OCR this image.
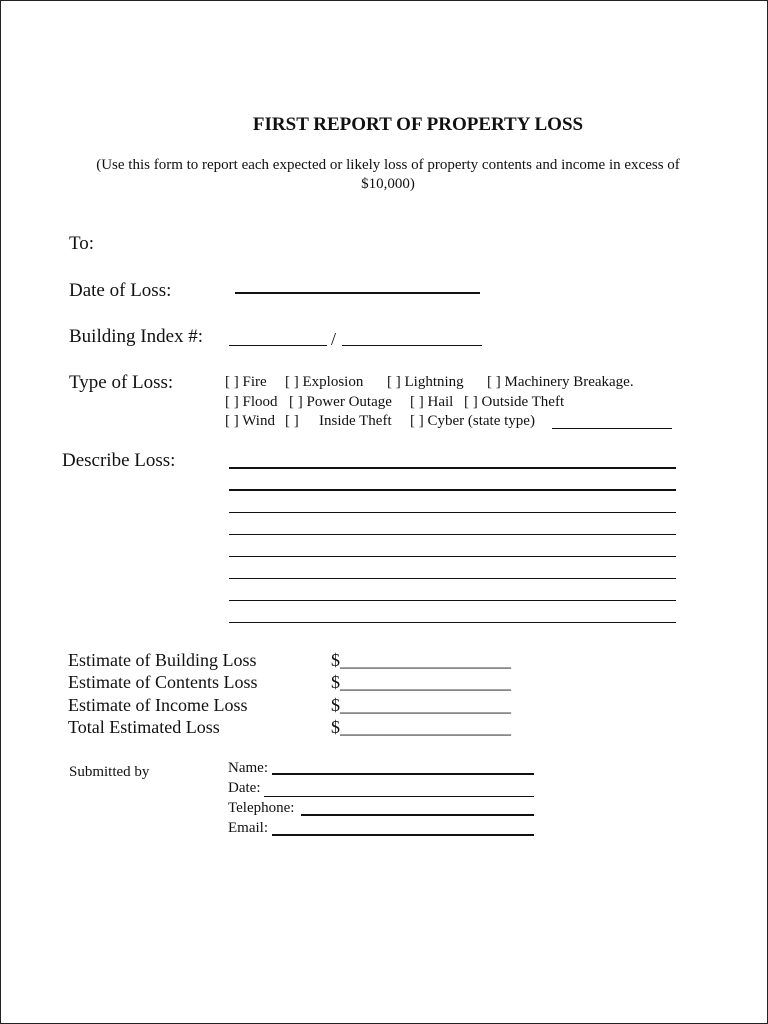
FIRST REPORT OF PROPERTY LOSS
(Use this form to report each expected or likely loss of property contents and income in excess of $10,000)
To:
Date of Loss:
Building Index #:	/
Type of Loss:	[ ] Fire [ ] Explosion [ ] Lightning [ ] Machinery Breakage.
[ ] Flood [ ] Power Outage [ ] Hail [ ] Outside Theft
[ ] Wind [ ] Inside Theft [ ] Cyber (state type)
Describe Loss:
Estimate of Building Loss	$___________________
Estimate of Contents Loss	$___________________
Estimate of Income Loss	$___________________
Total Estimated Loss	$___________________
Submitted by	Name:
Date:
Telephone:
Email:
